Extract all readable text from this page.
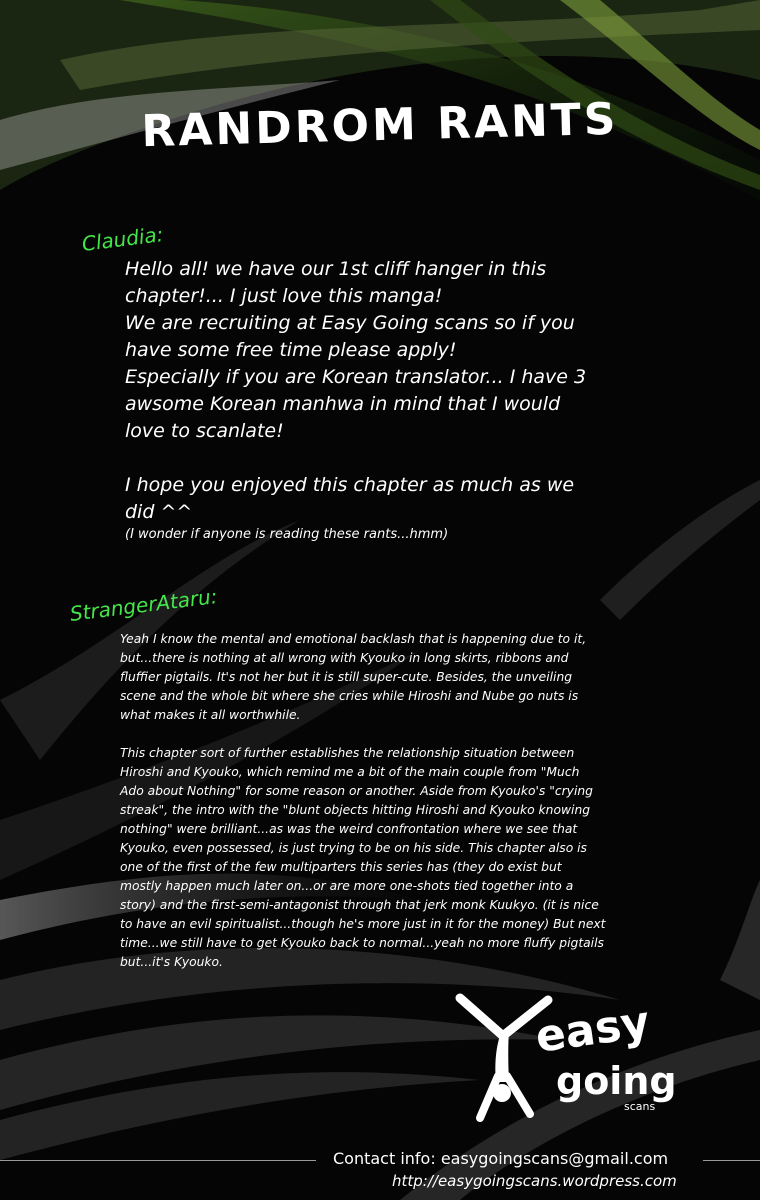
RANDROM RANTS
Claudia:

Hello all! we have our 1st cliff hanger in this

chapter!... I just love this manga!

We are recruiting at Easy Going scans so if you

have some free time please apply!

Especially if you are Korean translator... I have 3

awsome Korean manhwa in mind that I would

love to scanlate!

I hope you enjoyed this chapter as much as we

did ^^

(I wonder if anyone is reading these rants...hmm)

StrangerAtaru:

Yeah I know the mental and emotional backlash that is happening due to it,

but...there is nothing at all wrong with Kyouko in long skirts, ribbons and

fluffier pigtails. It's not her but it is still super-cute. Besides, the unveiling

scene and the whole bit where she cries while Hiroshi and Nube go nuts is

what makes it all worthwhile.

This chapter sort of further establishes the relationship situation between

Hiroshi and Kyouko, which remind me a bit of the main couple from "Much

Ado about Nothing" for some reason or another. Aside from Kyouko's "crying

streak", the intro with the "blunt objects hitting Hiroshi and Kyouko knowing

nothing" were brilliant...as was the weird confrontation where we see that

Kyouko, even possessed, is just trying to be on his side. This chapter also is

one of the first of the few multiparters this series has (they do exist but

mostly happen much later on...or are more one-shots tied together into a

story) and the first-semi-antagonist through that jerk monk Kuukyo. (it is nice

to have an evil spiritualist...though he's more just in it for the money) But next

time...we still have to get Kyouko back to normal...yeah no more fluffy pigtails

but...it's Kyouko.

easy
going
scans
Contact info: easygoingscans@gmail.com
http://easygoingscans.wordpress.com
